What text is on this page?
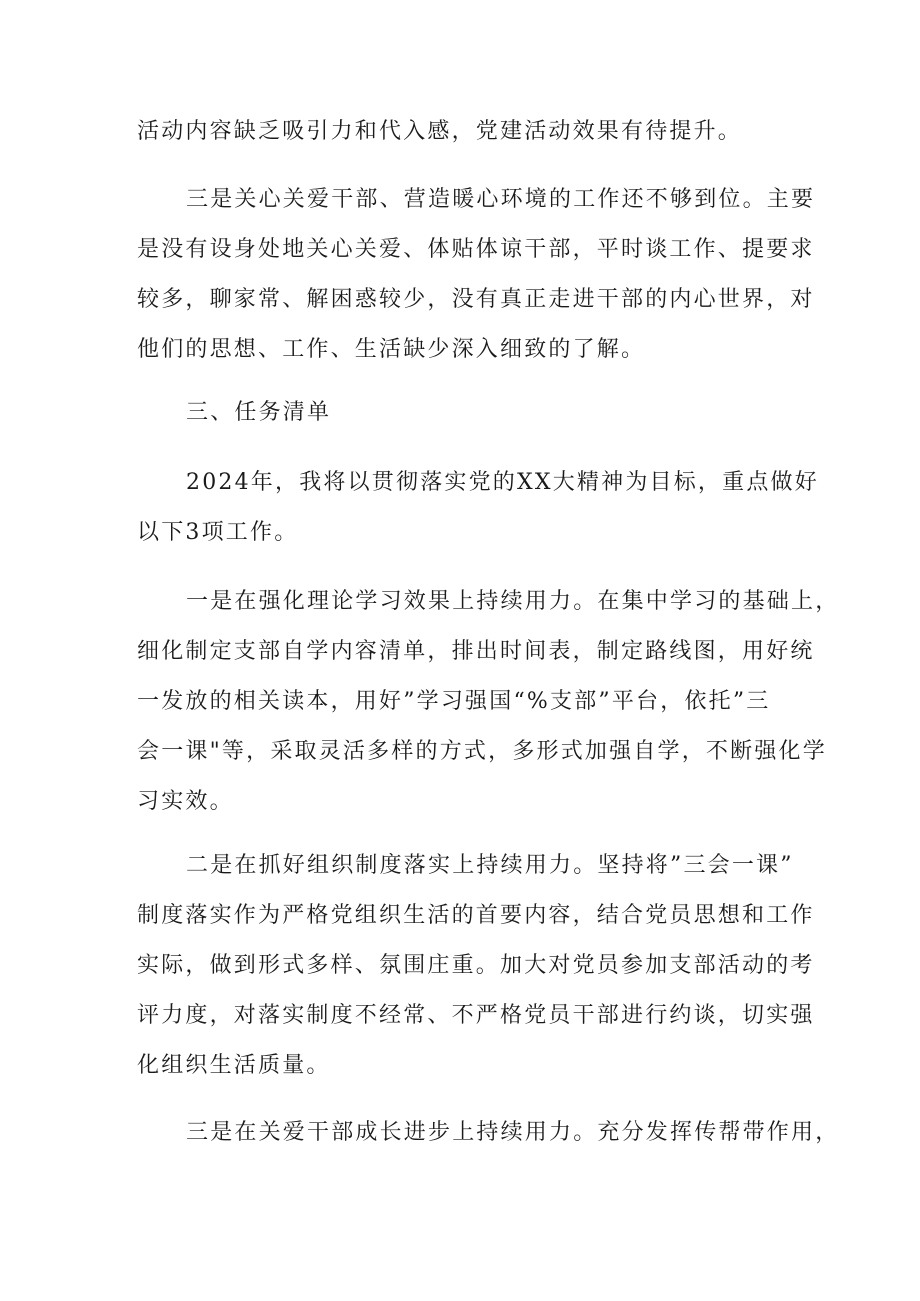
活动内容缺乏吸引力和代入感，党建活动效果有待提升。
三是关心关爱干部、营造暖心环境的工作还不够到位。主要
是没有设身处地关心关爱、体贴体谅干部，平时谈工作、提要求
较多，聊家常、解困惑较少，没有真正走进干部的内心世界，对
他们的思想、工作、生活缺少深入细致的了解。
三、任务清单
2024年，我将以贯彻落实党的XX大精神为目标，重点做好
以下3项工作。
一是在强化理论学习效果上持续用力。在集中学习的基础上，
细化制定支部自学内容清单，排出时间表，制定路线图，用好统
一发放的相关读本，用好”学习强国“%支部”平台，依托”三
会一课"等，采取灵活多样的方式，多形式加强自学，不断强化学
习实效。
二是在抓好组织制度落实上持续用力。坚持将”三会一课”
制度落实作为严格党组织生活的首要内容，结合党员思想和工作
实际，做到形式多样、氛围庄重。加大对党员参加支部活动的考
评力度，对落实制度不经常、不严格党员干部进行约谈，切实强
化组织生活质量。
三是在关爱干部成长进步上持续用力。充分发挥传帮带作用，
